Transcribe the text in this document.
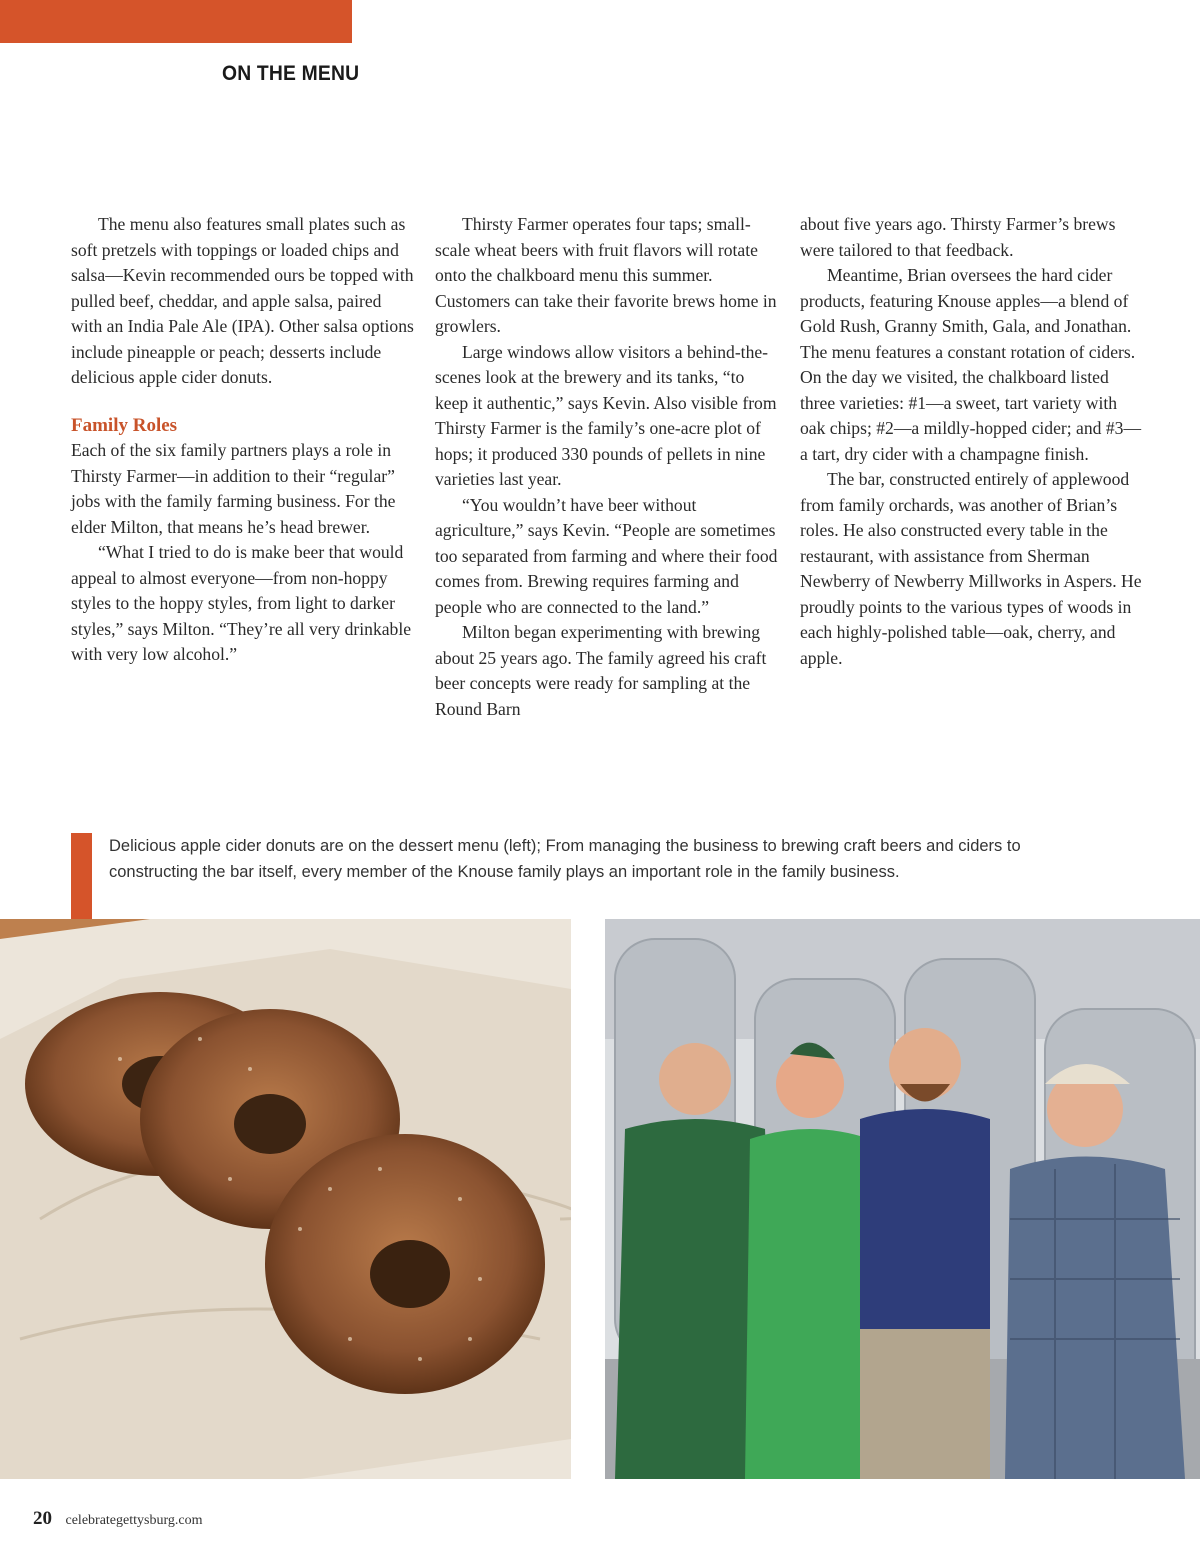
ON THE MENU

The menu also features small plates such as soft pretzels with toppings or loaded chips and salsa—Kevin recommended ours be topped with pulled beef, cheddar, and apple salsa, paired with an India Pale Ale (IPA). Other salsa options include pineapple or peach; desserts include delicious apple cider donuts.

Family Roles

Each of the six family partners plays a role in Thirsty Farmer—in addition to their “regular” jobs with the family farming business. For the elder Milton, that means he’s head brewer.

“What I tried to do is make beer that would appeal to almost everyone—from non-hoppy styles to the hoppy styles, from light to darker styles,” says Milton. “They’re all very drinkable with very low alcohol.”

Thirsty Farmer operates four taps; small-scale wheat beers with fruit flavors will rotate onto the chalkboard menu this summer. Customers can take their favorite brews home in growlers.

Large windows allow visitors a behind-the-scenes look at the brewery and its tanks, “to keep it authentic,” says Kevin. Also visible from Thirsty Farmer is the family’s one-acre plot of hops; it produced 330 pounds of pellets in nine varieties last year.

“You wouldn’t have beer without agriculture,” says Kevin. “People are sometimes too separated from farming and where their food comes from. Brewing requires farming and people who are connected to the land.”

Milton began experimenting with brewing about 25 years ago. The family agreed his craft beer concepts were ready for sampling at the Round Barn

about five years ago. Thirsty Farmer’s brews were tailored to that feedback.

Meantime, Brian oversees the hard cider products, featuring Knouse apples—a blend of Gold Rush, Granny Smith, Gala, and Jonathan. The menu features a constant rotation of ciders. On the day we visited, the chalkboard listed three varieties: #1—a sweet, tart variety with oak chips; #2—a mildly-hopped cider; and #3—a tart, dry cider with a champagne finish.

The bar, constructed entirely of applewood from family orchards, was another of Brian’s roles. He also constructed every table in the restaurant, with assistance from Sherman Newberry of Newberry Millworks in Aspers. He proudly points to the various types of woods in each highly-polished table—oak, cherry, and apple.

Delicious apple cider donuts are on the dessert menu (left); From managing the business to brewing craft beers and ciders to constructing the bar itself, every member of the Knouse family plays an important role in the family business.
20 celebrategettysburg.com
